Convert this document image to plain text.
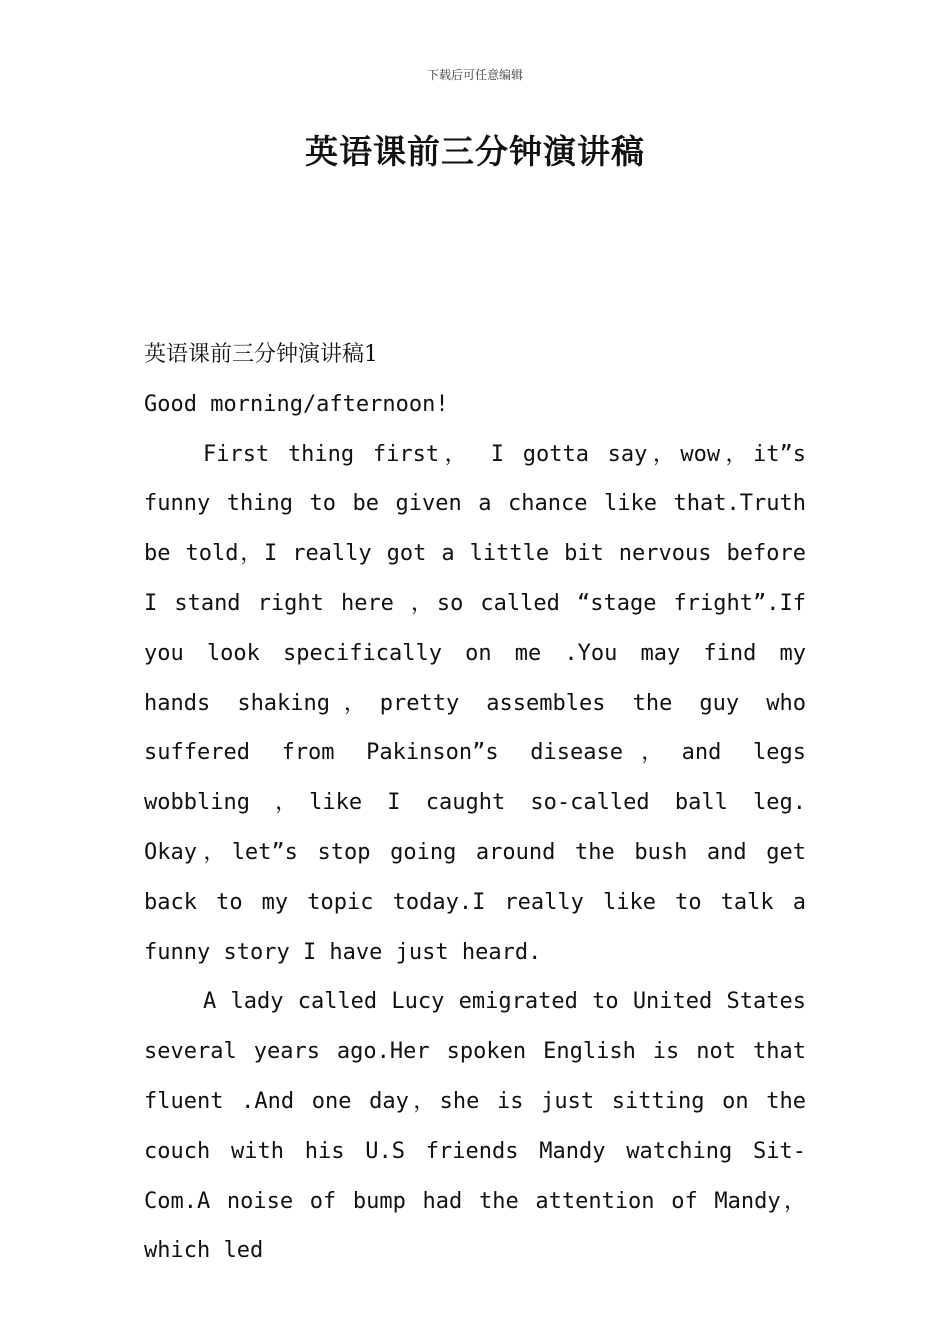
下载后可任意编辑
英语课前三分钟演讲稿

英语课前三分钟演讲稿1

Good morning/afternoon!

First thing first， I gotta say，wow，it”s funny thing to be given a chance like that.Truth be told，I really got a little bit nervous before I stand right here ，so called “stage fright”.If you look specifically on me .You may find my hands shaking，pretty assembles the guy who suffered from Pakinson”s disease，and legs wobbling ，like I caught so-called ball leg. Okay，let”s stop going around the bush and get back to my topic today.I really like to talk a funny story I have just heard.

A lady called Lucy emigrated to United States several years ago.Her spoken English is not that fluent .And one day，she is just sitting on the couch with his U.S friends Mandy watching Sit-Com.A noise of bump had the attention of Mandy，which led
